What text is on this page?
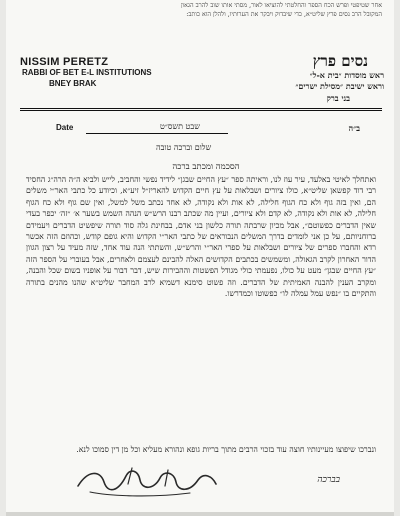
אחר שטיפטי ופרש הכח הספר והחלטתי להוציאו לאור, מסתי אותו שוב להרב הגאון
המקובל הרב נסים פרץ שליט״א, כדי שיבדוק ויבקר את הערותיו, ולהלן הוא כותב:
NISSIM PERETZ
RABBI OF BET E-L INSTITUTIONS
BNEY BRAK
נסים פרץ
ראש מוסדות ״בית א-ל״
וראש ישיבת ״מסילת ישרים״
בני ברק
Date	שבט תשס״ט	ב״ה
שלום וברכה טובה
הסכמה ומכתב ברכה
ואתחלך לאיטי באלעד, עיר עוז לנו, וראיתה ספר ״עץ החיים שבגן״ לידיד נפשי והחביב, לייש ולביא ה״ה הרה״ג החסיד רבי דוד קפשאן שליט״א, כולו ציורים ושבלאות על עץ חיים הקדוש להאריז״ל זיע״א, וכיודע כל כתבי האר״י משלים הם, ואין בזה גוף ולא כח הגוף חלילה, לא אות ולא נקודה, לא אחד נכתב משל למשל, ואין שם גוף ולא כח הגוף חלילה, לא אות ולא נקודה, לא קדם ולא ציורים, ועיין מה שכתב רבנו הרש״ש הנהה השמש בשער א׳ ״זה׳ יכפר בעדי שאין הדברים כפשוטם״, אבל מכיון שרבתה תורה כלשון בני אדם, בבחינת גלה סוד תורה שיפשיט הדברים ויעמידם ברוחניותם, על כן אני לומדים בדרך המשלים הנבוראים של כתבי האר״י הקדוש והיא גופם קודש, וכהוזם הזה אכשר רדא והחברו ספרים של ציורים ושבלאות על ספרי האר״י והרש״ש, והשתתי הנה עוד אחד, שזה מעיד על רצון הגוון הדור האחרון לקרב הגאולה, ומשמשים בכתבים הקדושים האלה להבינם לעצמם ולאחרים, אבל בעוברי על הספר הזה ״עץ החיים שבגן״ מעט על כולו, נפעמתי כולי מגודל הפשטות וההבירות שיש, דבר דבור על אופניו בשום שכל והבנה, ומקרב הענין להבנה האמיתית של הדברים. וזה פשוט סימנא דשמיא לרב המחבר שליט״א שהנו מהנים בתורה והתקיים בו ״נפש עמל עמלה לו״ כפשוטו וכמדרשו.
ונברכו שיפוצו מעיינותיו חוצה עוד בזכוי הרבים מתוך בריות גופא ונהורא מעליא וכל מן דין סמוכו לנא.
בברכה
